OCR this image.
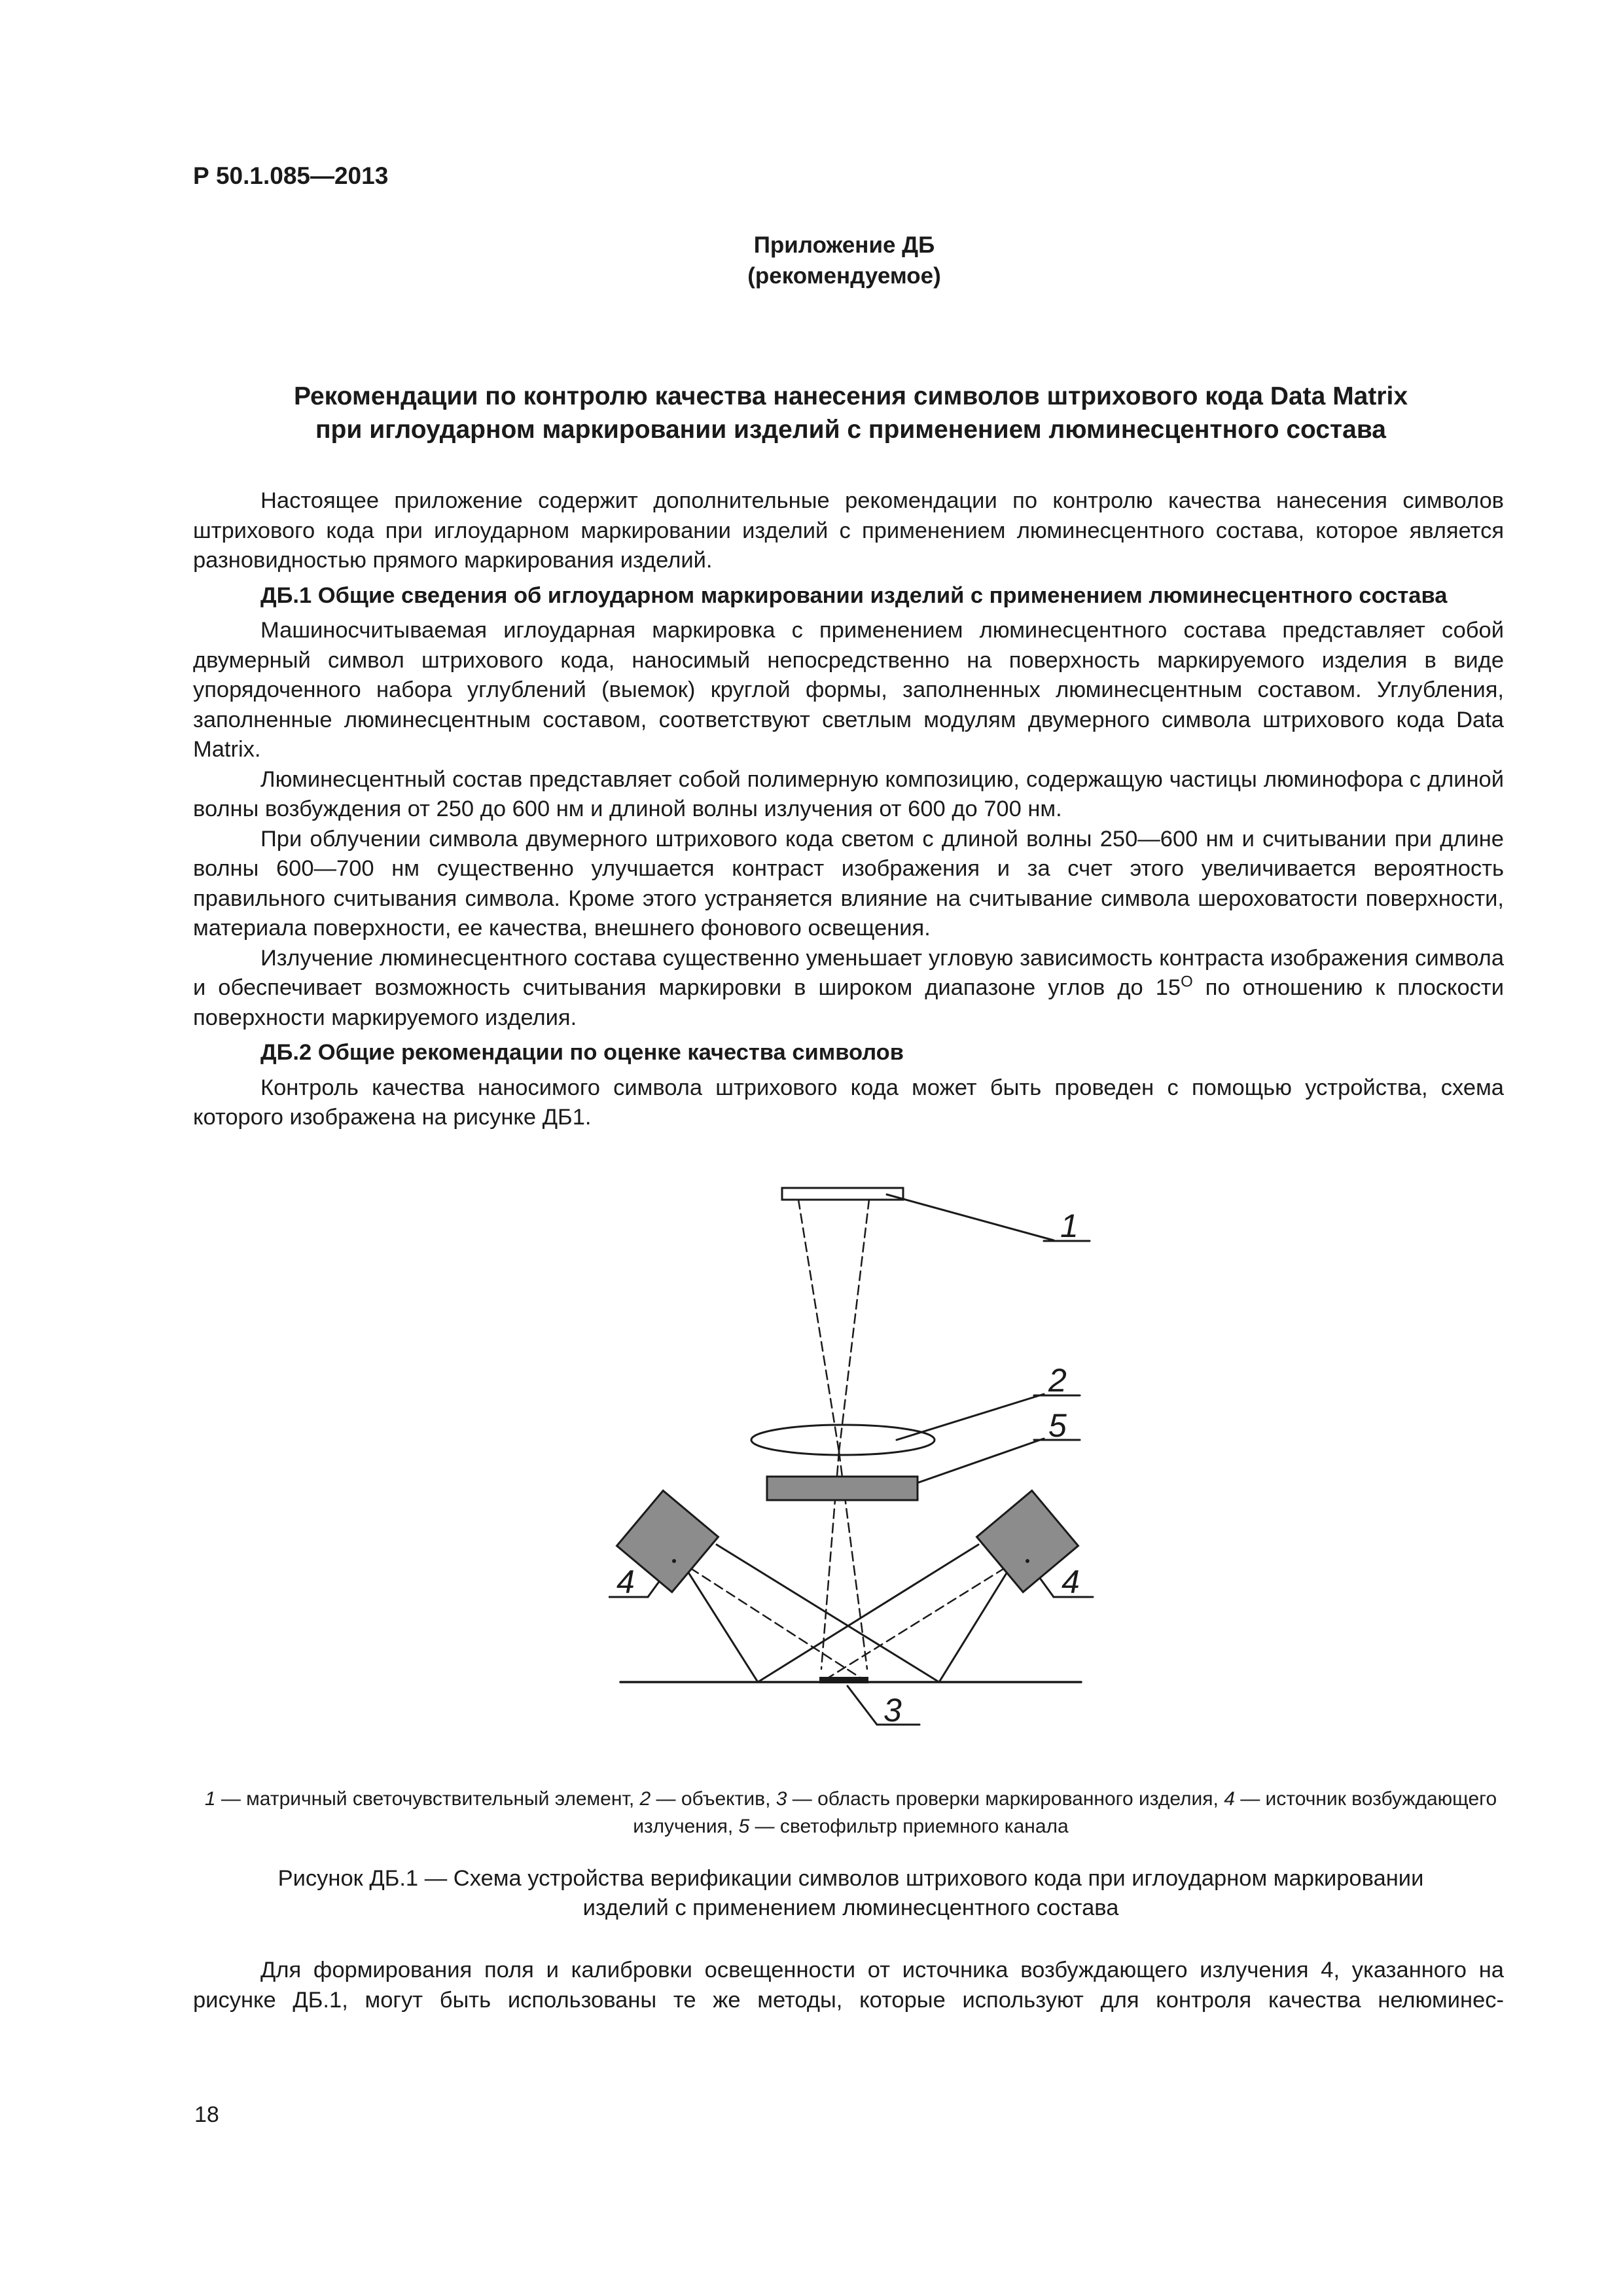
Р 50.1.085—2013
Приложение ДБ
(рекомендуемое)
Рекомендации по контролю качества нанесения символов штрихового кода Data Matrix
при иглоударном маркировании изделий с применением люминесцентного состава

Настоящее приложение содержит дополнительные рекомендации по контролю качества нанесения символов штрихового кода при иглоударном маркировании изделий с применением люминесцентного состава, которое является разновидностью прямого маркирования изделий.

ДБ.1 Общие сведения об иглоударном маркировании изделий с применением люминесцентного состава

Машиносчитываемая иглоударная маркировка с применением люминесцентного состава представляет собой двумерный символ штрихового кода, наносимый непосредственно на поверхность маркируемого изделия в виде упорядоченного набора углублений (выемок) круглой формы, заполненных люминесцентным составом. Углубления, заполненные люминесцентным составом, соответствуют светлым модулям двумерного символа штрихового кода Data Matrix.

Люминесцентный состав представляет собой полимерную композицию, содержащую частицы люминофора с длиной волны возбуждения от 250 до 600 нм и длиной волны излучения от 600 до 700 нм.

При облучении символа двумерного штрихового кода светом с длиной волны 250—600 нм и считывании при длине волны 600—700 нм существенно улучшается контраст изображения и за счет этого увеличивается вероятность правильного считывания символа. Кроме этого устраняется влияние на считывание символа шероховатости поверхности, материала поверхности, ее качества, внешнего фонового освещения.

Излучение люминесцентного состава существенно уменьшает угловую зависимость контраста изображения символа и обеспечивает возможность считывания маркировки в широком диапазоне углов до $15^O$ по отношению к плоскости поверхности маркируемого изделия.

ДБ.2 Общие рекомендации по оценке качества символов

Контроль качества наносимого символа штрихового кода может быть проведен с помощью устройства, схема которого изображена на рисунке ДБ1.

1
2
5
4	4
3
1 — матричный светочувствительный элемент, 2 — объектив, 3 — область проверки маркированного изделия, 4 — источник возбуждающего излучения, 5 — светофильтр приемного канала
Рисунок ДБ.1 — Схема устройства верификации символов штрихового кода при иглоударном маркировании
изделий с применением люминесцентного состава

Для формирования поля и калибровки освещенности от источника возбуждающего излучения 4, указанного на рисунке ДБ.1, могут быть использованы те же методы, которые используют для контроля качества нелюминес-

18
